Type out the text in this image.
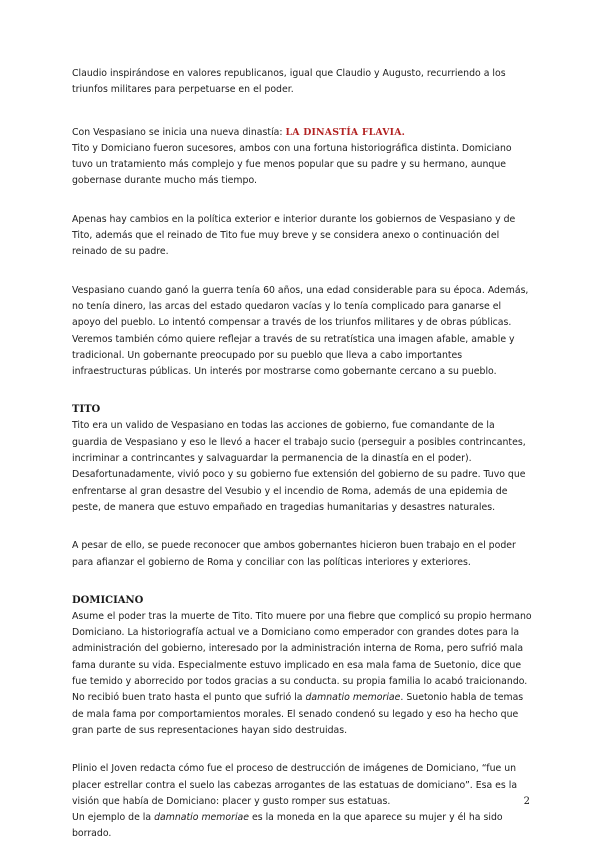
Claudio inspirándose en valores republicanos, igual que Claudio y Augusto, recurriendo a los triunfos militares para perpetuarse en el poder.

Con Vespasiano se inicia una nueva dinastía: LA DINASTÍA FLAVIA.

Tito y Domiciano fueron sucesores, ambos con una fortuna historiográfica distinta. Domiciano tuvo un tratamiento más complejo y fue menos popular que su padre y su hermano, aunque gobernase durante mucho más tiempo.

Apenas hay cambios en la política exterior e interior durante los gobiernos de Vespasiano y de Tito, además que el reinado de Tito fue muy breve y se considera anexo o continuación del reinado de su padre.

Vespasiano cuando ganó la guerra tenía 60 años, una edad considerable para su época. Además, no tenía dinero, las arcas del estado quedaron vacías y lo tenía complicado para ganarse el apoyo del pueblo. Lo intentó compensar a través de los triunfos militares y de obras públicas. Veremos también cómo quiere reflejar a través de su retratística una imagen afable, amable y tradicional. Un gobernante preocupado por su pueblo que lleva a cabo importantes infraestructuras públicas. Un interés por mostrarse como gobernante cercano a su pueblo.

TITO

Tito era un valido de Vespasiano en todas las acciones de gobierno, fue comandante de la guardia de Vespasiano y eso le llevó a hacer el trabajo sucio (perseguir a posibles contrincantes, incriminar a contrincantes y salvaguardar la permanencia de la dinastía en el poder). Desafortunadamente, vivió poco y su gobierno fue extensión del gobierno de su padre. Tuvo que enfrentarse al gran desastre del Vesubio y el incendio de Roma, además de una epidemia de peste, de manera que estuvo empañado en tragedias humanitarias y desastres naturales.

A pesar de ello, se puede reconocer que ambos gobernantes hicieron buen trabajo en el poder para afianzar el gobierno de Roma y conciliar con las políticas interiores y exteriores.

DOMICIANO

Asume el poder tras la muerte de Tito. Tito muere por una fiebre que complicó su propio hermano Domiciano. La historiografía actual ve a Domiciano como emperador con grandes dotes para la administración del gobierno, interesado por la administración interna de Roma, pero sufrió mala fama durante su vida. Especialmente estuvo implicado en esa mala fama de Suetonio, dice que fue temido y aborrecido por todos gracias a su conducta. su propia familia lo acabó traicionando.

No recibió buen trato hasta el punto que sufrió la damnatio memoriae. Suetonio habla de temas de mala fama por comportamientos morales. El senado condenó su legado y eso ha hecho que gran parte de sus representaciones hayan sido destruidas.

Plinio el Joven redacta cómo fue el proceso de destrucción de imágenes de Domiciano, “fue un placer estrellar contra el suelo las cabezas arrogantes de las estatuas de domiciano”. Esa es la visión que había de Domiciano: placer y gusto romper sus estatuas.

Un ejemplo de la damnatio memoriae es la moneda en la que aparece su mujer y él ha sido borrado.

2
